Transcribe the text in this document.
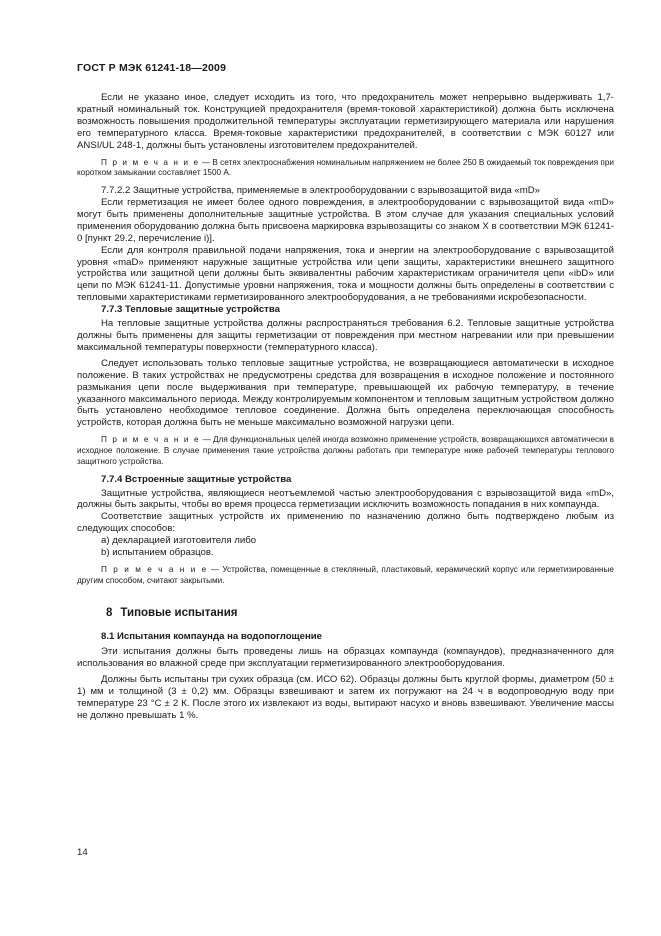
ГОСТ Р МЭК 61241-18—2009

Если не указано иное, следует исходить из того, что предохранитель может непрерывно выдерживать 1,7-кратный номинальный ток. Конструкцией предохранителя (время-токовой характеристикой) должна быть исключена возможность повышения продолжительной температуры эксплуатации герметизирующего материала или нарушения его температурного класса. Время-токовые характеристики предохранителей, в соответствии с МЭК 60127 или ANSI/UL 248-1, должны быть установлены изготовителем предохранителей.

П р и м е ч а н и е — В сетях электроснабжения номинальным напряжением не более 250 В ожидаемый ток повреждения при коротком замыкании составляет 1500 А.

7.7.2.2 Защитные устройства, применяемые в электрооборудовании с взрывозащитой вида «mD»

Если герметизация не имеет более одного повреждения, в электрооборудовании с взрывозащитой вида «mD» могут быть применены дополнительные защитные устройства. В этом случае для указания специальных условий применения оборудованию должна быть присвоена маркировка взрывозащиты со знаком X в соответствии МЭК 61241-0 [пункт 29.2, перечисление i)].

Если для контроля правильной подачи напряжения, тока и энергии на электрооборудование с взрывозащитой уровня «maD» применяют наружные защитные устройства или цепи защиты, характеристики внешнего защитного устройства или защитной цепи должны быть эквивалентны рабочим характеристикам ограничителя цепи «ibD» или цепи по МЭК 61241-11. Допустимые уровни напряжения, тока и мощности должны быть определены в соответствии с тепловыми характеристиками герметизированного электрооборудования, а не требованиями искробезопасности.

7.7.3 Тепловые защитные устройства

На тепловые защитные устройства должны распространяться требования 6.2. Тепловые защитные устройства должны быть применены для защиты герметизации от повреждения при местном нагревании или при превышении максимальной температуры поверхности (температурного класса).

Следует использовать только тепловые защитные устройства, не возвращающиеся автоматически в исходное положение. В таких устройствах не предусмотрены средства для возвращения в исходное положение и постоянного размыкания цепи после выдерживания при температуре, превышающей их рабочую температуру, в течение указанного максимального периода. Между контролируемым компонентом и тепловым защитным устройством должно быть установлено необходимое тепловое соединение. Должна быть определена переключающая способность устройств, которая должна быть не меньше максимально возможной нагрузки цепи.

П р и м е ч а н и е — Для функциональных целей иногда возможно применение устройств, возвращающихся автоматически в исходное положение. В случае применения такие устройства должны работать при температуре ниже рабочей температуры теплового защитного устройства.

7.7.4 Встроенные защитные устройства

Защитные устройства, являющиеся неотъемлемой частью электрооборудования с взрывозащитой вида «mD», должны быть закрыты, чтобы во время процесса герметизации исключить возможность попадания в них компаунда.

Соответствие защитных устройств их применению по назначению должно быть подтверждено любым из следующих способов:

a) декларацией изготовителя либо

b) испытанием образцов.

П р и м е ч а н и е — Устройства, помещенные в стеклянный, пластиковый, керамический корпус или герметизированные другим способом, считают закрытыми.
8 Типовые испытания

8.1 Испытания компаунда на водопоглощение

Эти испытания должны быть проведены лишь на образцах компаунда (компаундов), предназначенного для использования во влажной среде при эксплуатации герметизированного электрооборудования.

Должны быть испытаны три сухих образца (см. ИСО 62). Образцы должны быть круглой формы, диаметром (50 ± 1) мм и толщиной (3 ± 0,2) мм. Образцы взвешивают и затем их погружают на 24 ч в водопроводную воду при температуре 23 °С ± 2 К. После этого их извлекают из воды, вытирают насухо и вновь взвешивают. Увеличение массы не должно превышать 1 %.

14
